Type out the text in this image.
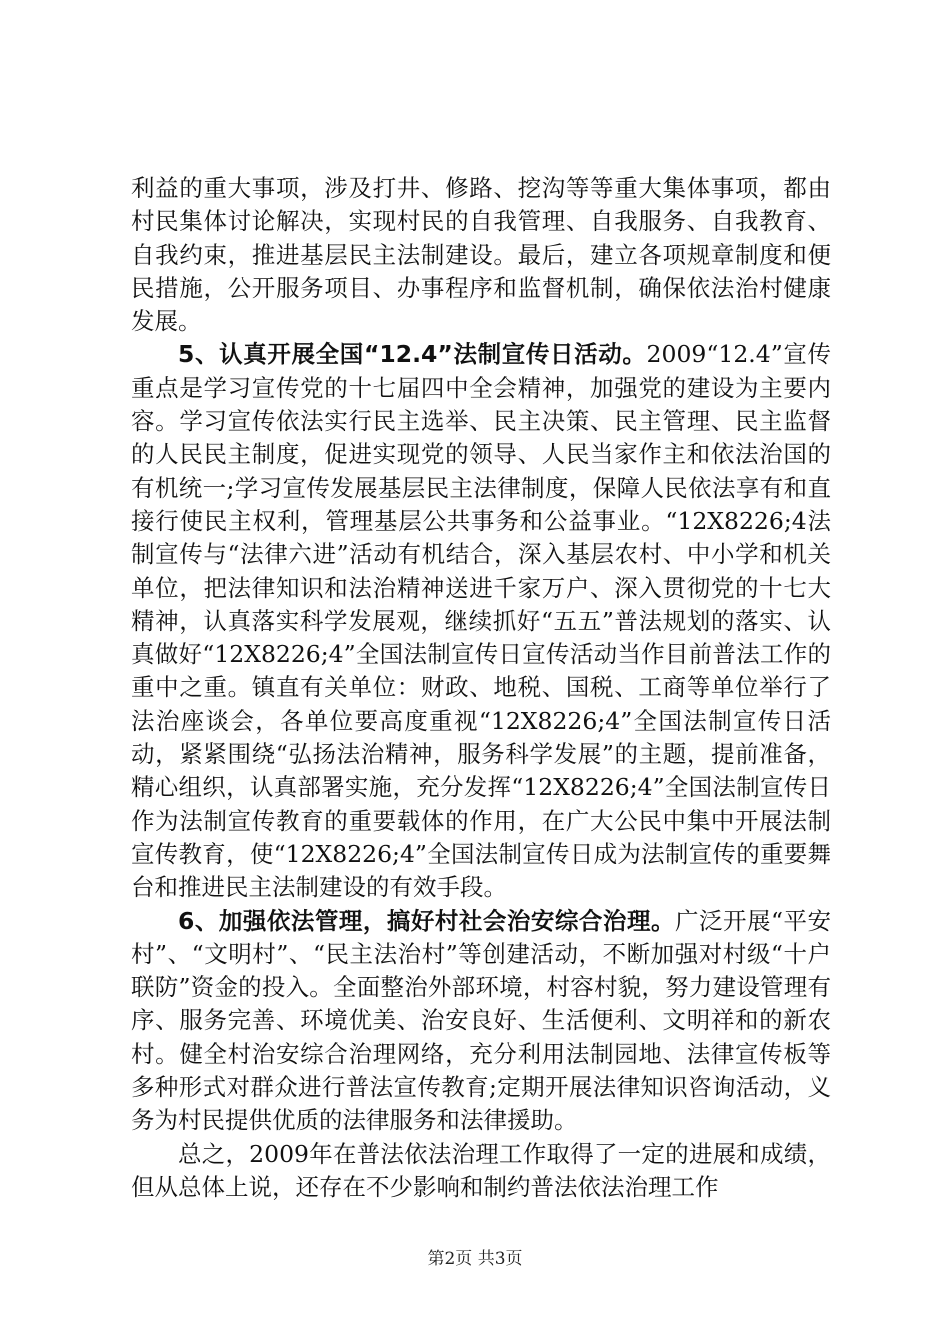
利益的重大事项，涉及打井、修路、挖沟等等重大集体事项，都由村民集体讨论解决，实现村民的自我管理、自我服务、自我教育、自我约束，推进基层民主法制建设。最后，建立各项规章制度和便民措施，公开服务项目、办事程序和监督机制，确保依法治村健康发展。

5、认真开展全国“12.4”法制宣传日活动。2009“12.4”宣传重点是学习宣传党的十七届四中全会精神，加强党的建设为主要内容。学习宣传依法实行民主选举、民主决策、民主管理、民主监督的人民民主制度，促进实现党的领导、人民当家作主和依法治国的有机统一;学习宣传发展基层民主法律制度，保障人民依法享有和直接行使民主权利，管理基层公共事务和公益事业。“12X8226;4法制宣传与“法律六进”活动有机结合，深入基层农村、中小学和机关单位，把法律知识和法治精神送进千家万户、深入贯彻党的十七大精神，认真落实科学发展观，继续抓好“五五”普法规划的落实、认真做好“12X8226;4”全国法制宣传日宣传活动当作目前普法工作的重中之重。镇直有关单位：财政、地税、国税、工商等单位举行了法治座谈会，各单位要高度重视“12X8226;4”全国法制宣传日活动，紧紧围绕“弘扬法治精神，服务科学发展”的主题，提前准备，精心组织，认真部署实施，充分发挥“12X8226;4”全国法制宣传日作为法制宣传教育的重要载体的作用，在广大公民中集中开展法制宣传教育，使“12X8226;4”全国法制宣传日成为法制宣传的重要舞台和推进民主法制建设的有效手段。

6、加强依法管理，搞好村社会治安综合治理。广泛开展“平安村”、“文明村”、“民主法治村”等创建活动，不断加强对村级“十户联防”资金的投入。全面整治外部环境，村容村貌，努力建设管理有序、服务完善、环境优美、治安良好、生活便利、文明祥和的新农村。健全村治安综合治理网络，充分利用法制园地、法律宣传板等多种形式对群众进行普法宣传教育;定期开展法律知识咨询活动，义务为村民提供优质的法律服务和法律援助。

总之，2009年在普法依法治理工作取得了一定的进展和成绩，但从总体上说，还存在不少影响和制约普法依法治理工作

第2页 共3页
